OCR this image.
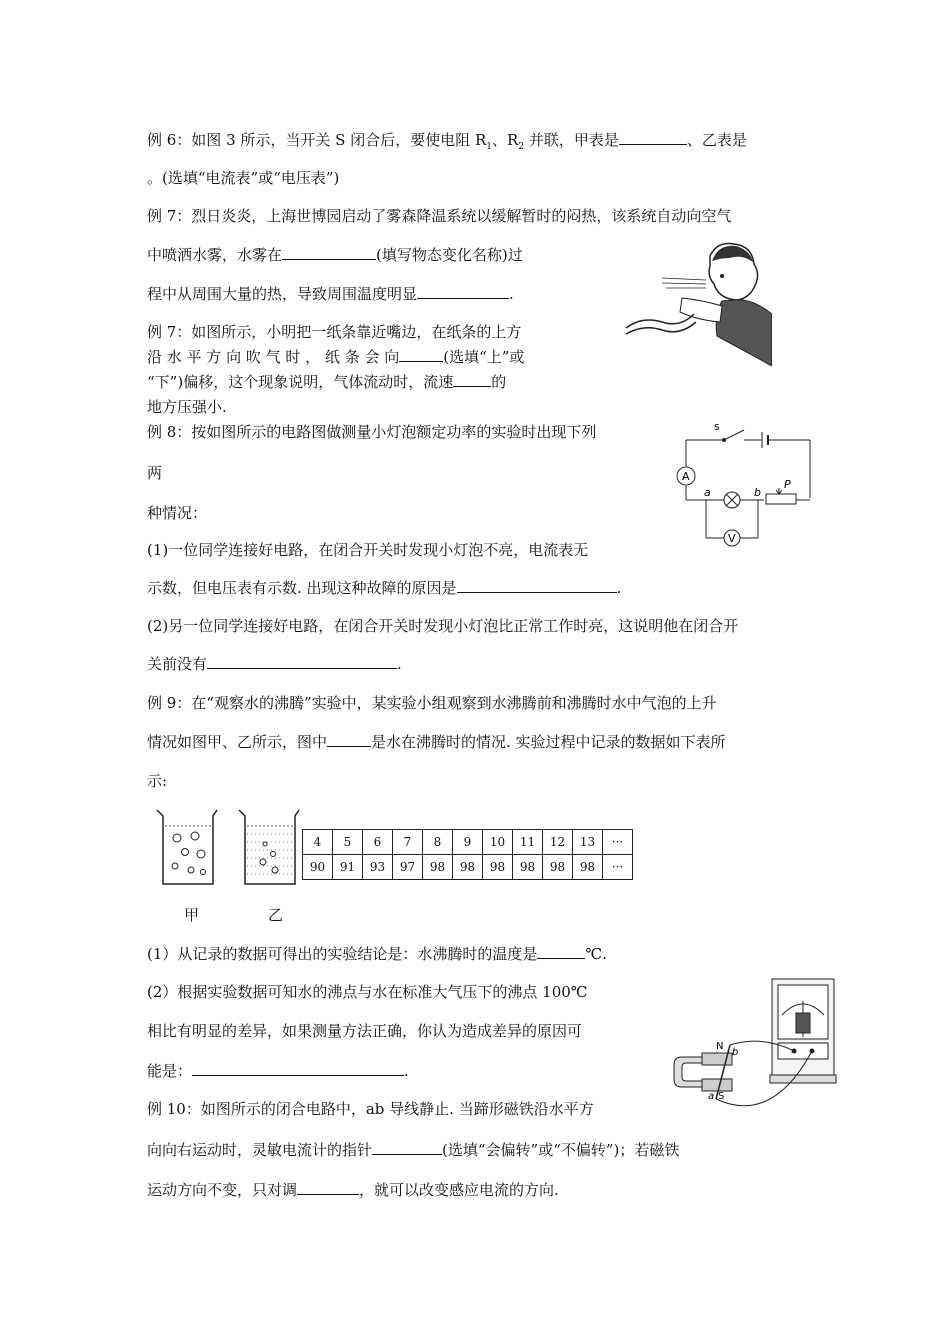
例 6：如图 3 所示，当开关 S 闭合后，要使电阻 $R_1$、$R_2$ 并联，甲表是	、乙表是
。(选填“电流表”或“电压表”)
例 7：烈日炎炎，上海世博园启动了雾森降温系统以缓解暂时的闷热，该系统自动向空气
中喷洒水雾，水雾在	(填写物态变化名称)过
程中从周围大量的热，导致周围温度明显	.
例 7：如图所示，小明把一纸条靠近嘴边，在纸条的上方
沿 水 平 方 向 吹 气 时 ， 纸 条 会 向	(选填“上”或
“下”)偏移，这个现象说明，气体流动时，流速	的
地方压强小.
例 8：按如图所示的电路图做测量小灯泡额定功率的实验时出现下列
两
种情况：
(1)一位同学连接好电路，在闭合开关时发现小灯泡不亮，电流表无
示数，但电压表有示数. 出现这种故障的原因是	.
(2)另一位同学连接好电路，在闭合开关时发现小灯泡比正常工作时亮，这说明他在闭合开
关前没有	.
s
A
V
a	b
P
例 9：在“观察水的沸腾”实验中，某实验小组观察到水沸腾前和沸腾时水中气泡的上升
情况如图甲、乙所示，图中	是水在沸腾时的情况. 实验过程中记录的数据如下表所
示:
甲	乙
4	5	6	7	8	9	10	11	12	13	···
90	91	93	97	98	98	98	98	98	98	···
(1）从记录的数据可得出的实验结论是：水沸腾时的温度是	℃.
(2）根据实验数据可知水的沸点与水在标准大气压下的沸点 100℃
相比有明显的差异，如果测量方法正确，你认为造成差异的原因可
能是：	.
N
S
b
a
例 10：如图所示的闭合电路中，ab 导线静止. 当蹄形磁铁沿水平方
向向右运动时，灵敏电流计的指针	(选填“会偏转”或“不偏转”)；若磁铁
运动方向不变，只对调	，就可以改变感应电流的方向.
